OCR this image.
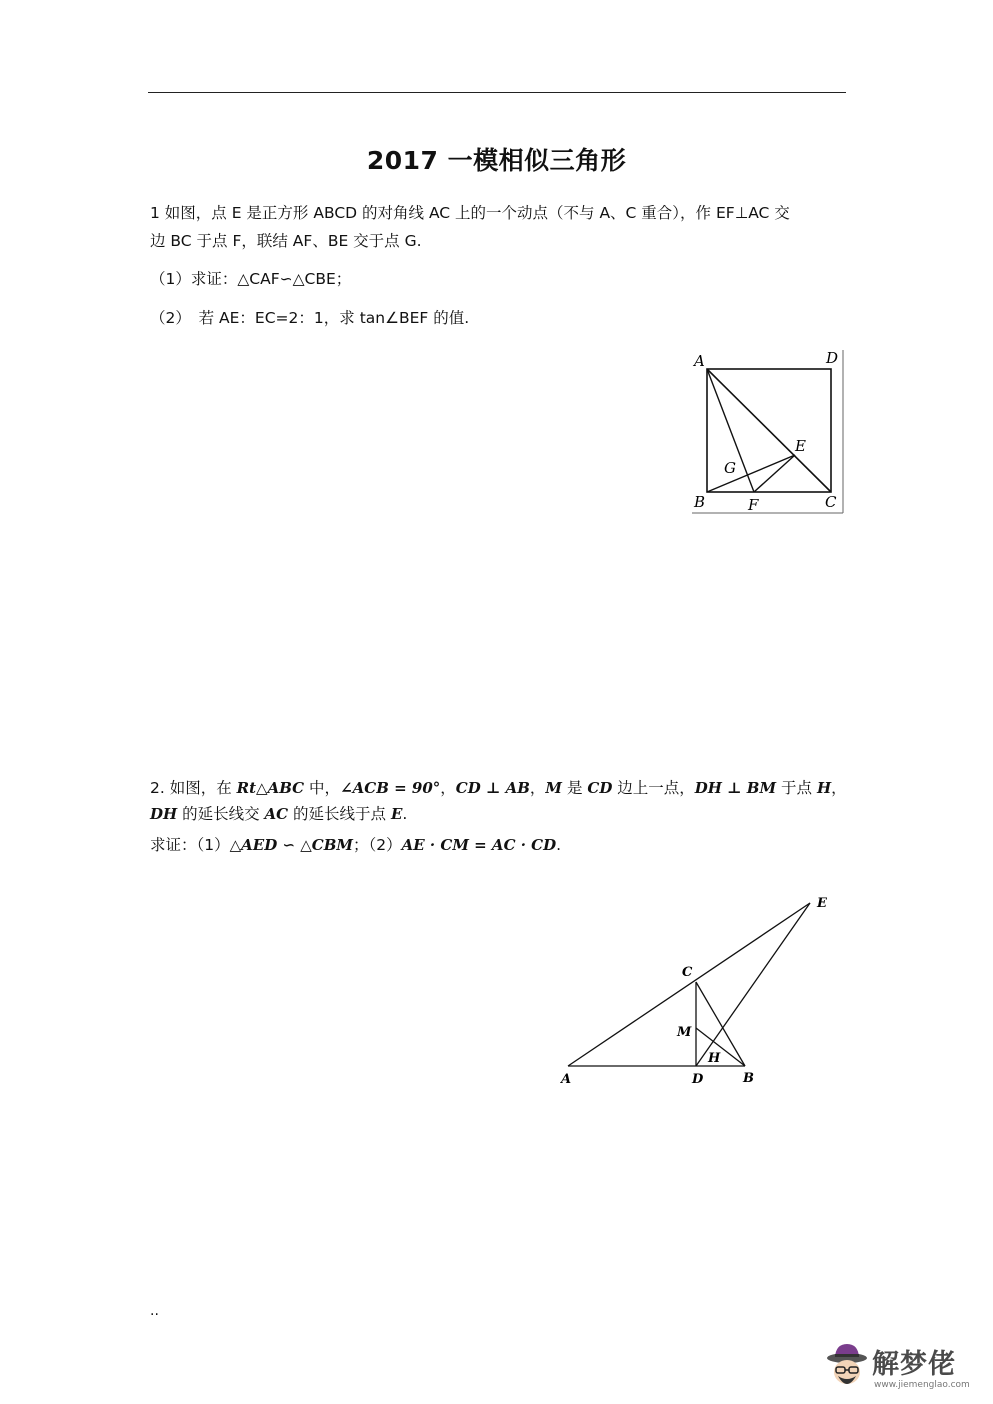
2017 一模相似三角形
1 如图，点 E 是正方形 ABCD 的对角线 AC 上的一个动点（不与 A、C 重合），作 EF⊥AC 交
边 BC 于点 F，联结 AF、BE 交于点 G.
（1）求证：△CAF∽△CBE；
（2）　若 AE：EC=2：1，求 tan∠BEF 的值.
A	D
B	F	C
E
G
2. 如图，在 Rt△ABC 中，∠ACB = 90°，CD ⊥ AB，M 是 CD 边上一点，DH ⊥ BM 于点 H，
DH 的延长线交 AC 的延长线于点 E.
求证：（1）△AED ∽ △CBM；（2）AE · CM = AC · CD.
A
C
M
H
D	B
E
..
解梦佬
www.jiemenglao.com
